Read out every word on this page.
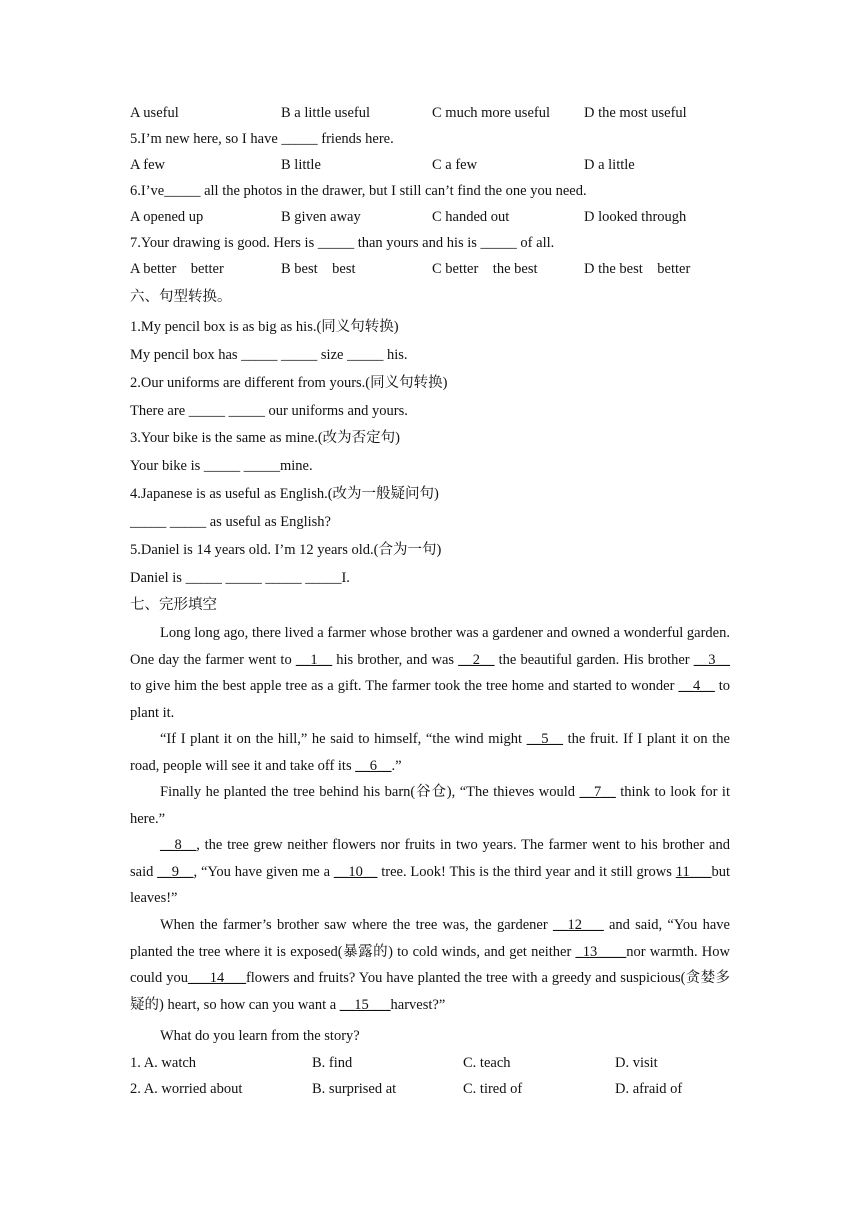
A useful	B a little useful	C much more useful D the most useful
5.I’m new here, so I have _____ friends here.
A few	B little	C a few	D a little
6.I’ve_____ all the photos in the drawer, but I still can’t find the one you need.
A opened up	B given away	C handed out	D looked through
7.Your drawing is good. Hers is _____ than yours and his is _____ of all.
A better    better	B best    best	C better    the best	D the best    better
六、句型转换。
1.My pencil box is as big as his.(同义句转换)
My pencil box has _____ _____ size _____ his.
2.Our uniforms are different from yours.(同义句转换)
There are _____ _____ our uniforms and yours.
3.Your bike is the same as mine.(改为否定句)
Your bike is _____ _____mine.
4.Japanese is as useful as English.(改为一般疑问句)
_____ _____ as useful as English?
5.Daniel is 14 years old. I’m 12 years old.(合为一句)
Daniel is _____ _____ _____ _____I.
七、完形填空
Long long ago, there lived a farmer whose brother was a gardener and owned a wonderful garden. One day the farmer went to __1__ his brother, and was __2__ the beautiful garden. His brother __3__ to give him the best apple tree as a gift. The farmer took the tree home and started to wonder __4__ to plant it.
“If I plant it on the hill,” he said to himself, “the wind might __5__ the fruit. If I plant it on the road, people will see it and take off its __6__.”
Finally he planted the tree behind his barn(谷仓), “The thieves would __7__ think to look for it here.”
__8__, the tree grew neither flowers nor fruits in two years. The farmer went to his brother and said __9__, “You have given me a __10__ tree. Look! This is the third year and it still grows 11___but leaves!”
When the farmer’s brother saw where the tree was, the gardener __12___ and said, “You have planted the tree where it is exposed(暴露的) to cold winds, and get neither _13____nor warmth. How could you___14___flowers and fruits? You have planted the tree with a greedy and suspicious(贪婪多疑的) heart, so how can you want a __15___harvest?”
What do you learn from the story?
1. A. watch	B. find	C. teach	D. visit
2. A. worried about	B. surprised at	C. tired of	D. afraid of
